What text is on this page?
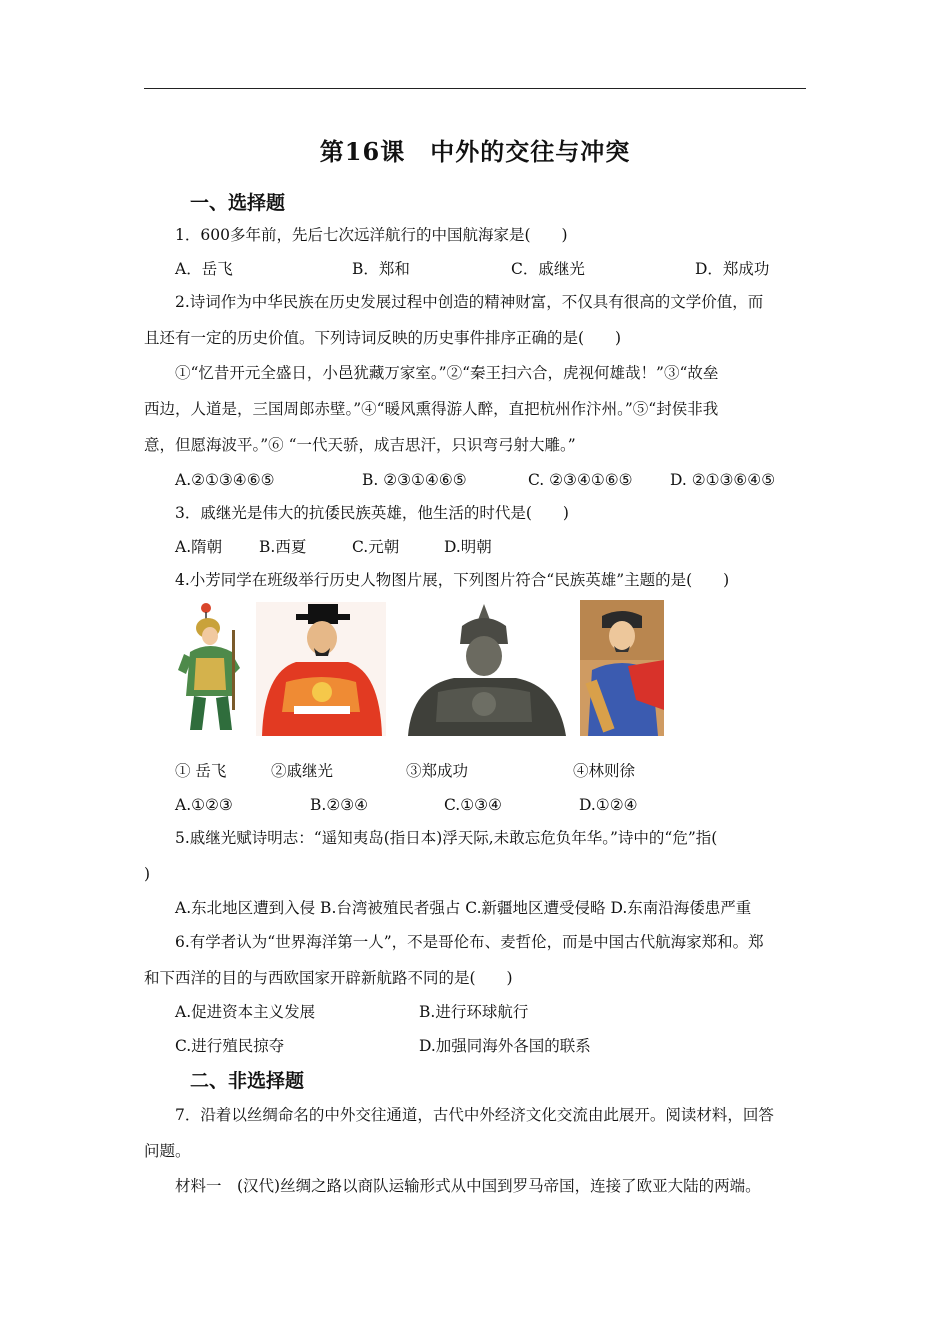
第16课　中外的交往与冲突
一、选择题
1．600多年前，先后七次远洋航行的中国航海家是(　　)
A．岳飞	B．郑和	C．戚继光	D．郑成功
2.诗词作为中华民族在历史发展过程中创造的精神财富，不仅具有很高的文学价值，而
且还有一定的历史价值。下列诗词反映的历史事件排序正确的是(　　)
①“忆昔开元全盛日，小邑犹藏万家室。”②“秦王扫六合，虎视何雄哉！”③“故垒
西边，人道是，三国周郎赤壁。”④“暖风熏得游人醉，直把杭州作汴州。”⑤“封侯非我
意，但愿海波平。”⑥ “一代天骄，成吉思汗，只识弯弓射大雕。”
A.②①③④⑥⑤	B. ②③①④⑥⑤	C. ②③④①⑥⑤ D. ②①③⑥④⑤
3．戚继光是伟大的抗倭民族英雄，他生活的时代是(　　)
A.隋朝 B.西夏	C.元朝	D.明朝
4.小芳同学在班级举行历史人物图片展，下列图片符合“民族英雄”主题的是(　　)
① 岳飞	②戚继光	③郑成功	④林则徐
A.①②③	B.②③④	C.①③④	D.①②④
5.戚继光赋诗明志：“遥知夷岛(指日本)浮天际,未敢忘危负年华。”诗中的“危”指(
)
A.东北地区遭到入侵 B.台湾被殖民者强占 C.新疆地区遭受侵略 D.东南沿海倭患严重
6.有学者认为“世界海洋第一人”，不是哥伦布、麦哲伦，而是中国古代航海家郑和。郑
和下西洋的目的与西欧国家开辟新航路不同的是(　　)
A.促进资本主义发展	B.进行环球航行
C.进行殖民掠夺	D.加强同海外各国的联系
二、非选择题
7．沿着以丝绸命名的中外交往通道，古代中外经济文化交流由此展开。阅读材料，回答
问题。
材料一　(汉代)丝绸之路以商队运输形式从中国到罗马帝国，连接了欧亚大陆的两端。
